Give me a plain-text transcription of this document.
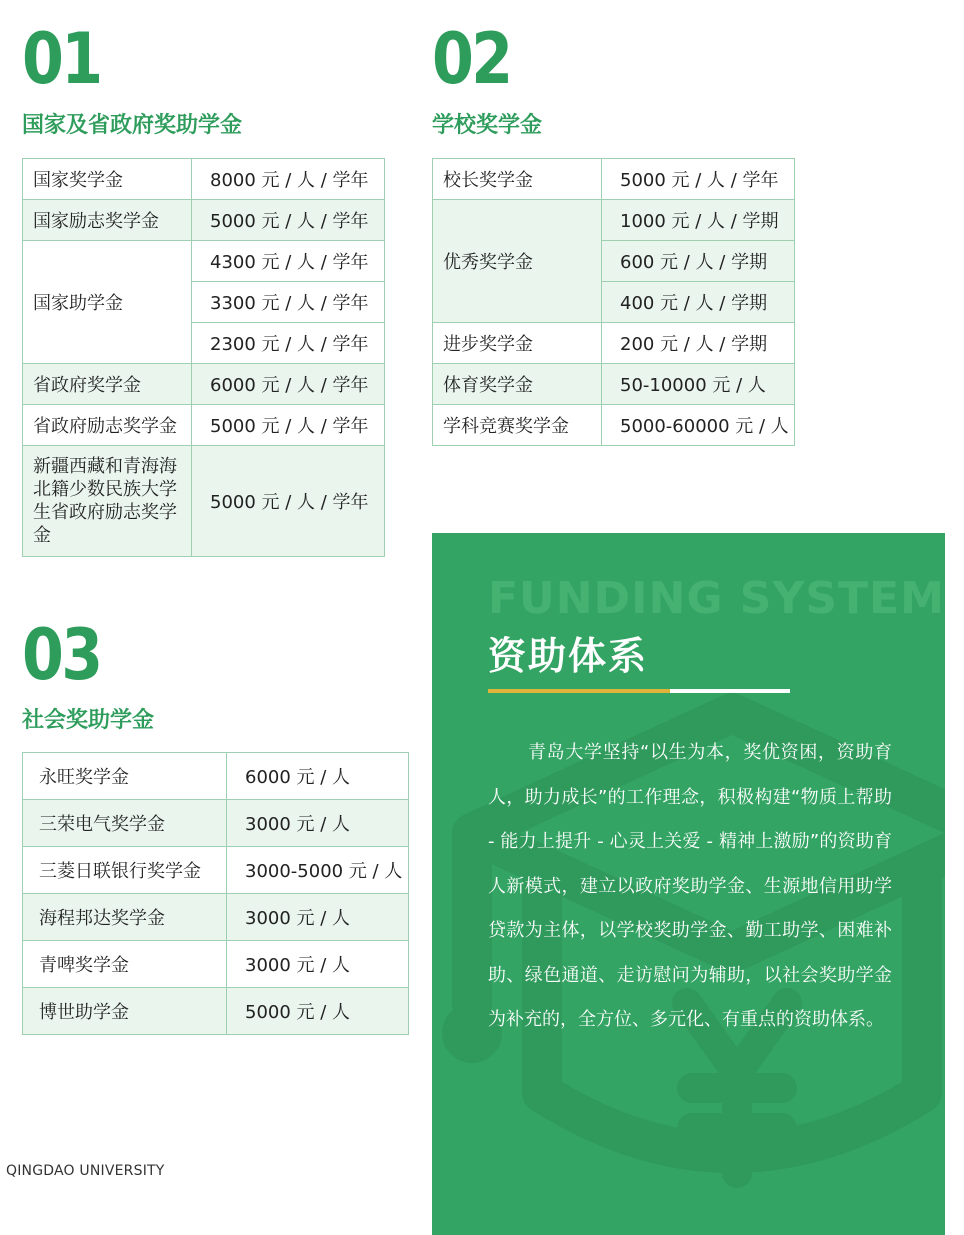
01
国家及省政府奖助学金
国家奖学金	8000 元 / 人 / 学年
国家励志奖学金	5000 元 / 人 / 学年
国家助学金	4300 元 / 人 / 学年
	3300 元 / 人 / 学年
	2300 元 / 人 / 学年
省政府奖学金	6000 元 / 人 / 学年
省政府励志奖学金	5000 元 / 人 / 学年
新疆西藏和青海海北籍少数民族大学生省政府励志奖学金	5000 元 / 人 / 学年
02
学校奖学金
校长奖学金	5000 元 / 人 / 学年
优秀奖学金	1000 元 / 人 / 学期
	600 元 / 人 / 学期
	400 元 / 人 / 学期
进步奖学金	200 元 / 人 / 学期
体育奖学金	50-10000 元 / 人
学科竞赛奖学金	5000-60000 元 / 人
03
社会奖助学金
永旺奖学金	6000 元 / 人
三荣电气奖学金	3000 元 / 人
三菱日联银行奖学金	3000-5000 元 / 人
海程邦达奖学金	3000 元 / 人
青啤奖学金	3000 元 / 人
博世助学金	5000 元 / 人
QINGDAO UNIVERSITY
FUNDING SYSTEM
资助体系
青岛大学坚持“以生为本，奖优资困，资助育人，助力成长”的工作理念，积极构建“物质上帮助 - 能力上提升 - 心灵上关爱 - 精神上激励”的资助育人新模式，建立以政府奖助学金、生源地信用助学贷款为主体，以学校奖助学金、勤工助学、困难补助、绿色通道、走访慰问为辅助，以社会奖助学金为补充的，全方位、多元化、有重点的资助体系。
